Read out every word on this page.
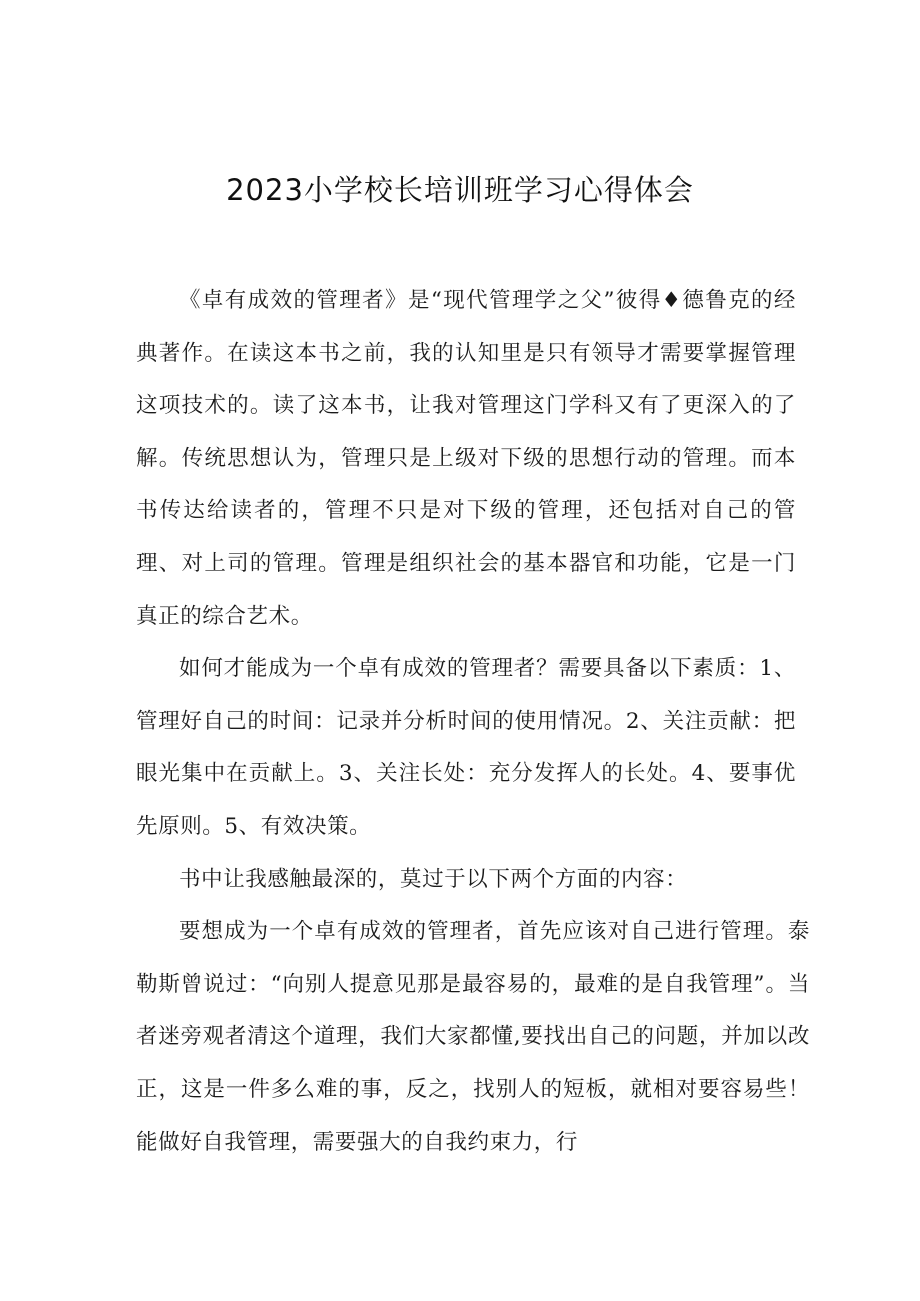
2023小学校长培训班学习心得体会

《卓有成效的管理者》是“现代管理学之父”彼得♦德鲁克的经典著作。在读这本书之前，我的认知里是只有领导才需要掌握管理这项技术的。读了这本书，让我对管理这门学科又有了更深入的了解。传统思想认为，管理只是上级对下级的思想行动的管理。而本书传达给读者的，管理不只是对下级的管理，还包括对自己的管理、对上司的管理。管理是组织社会的基本器官和功能，它是一门真正的综合艺术。

如何才能成为一个卓有成效的管理者？需要具备以下素质：1、管理好自己的时间：记录并分析时间的使用情况。2、关注贡献：把眼光集中在贡献上。3、关注长处：充分发挥人的长处。4、要事优先原则。5、有效决策。

书中让我感触最深的，莫过于以下两个方面的内容：

要想成为一个卓有成效的管理者，首先应该对自己进行管理。泰勒斯曾说过：“向别人提意见那是最容易的，最难的是自我管理”。当者迷旁观者清这个道理，我们大家都懂,要找出自己的问题，并加以改正，这是一件多么难的事，反之，找别人的短板，就相对要容易些！能做好自我管理，需要强大的自我约束力，行
